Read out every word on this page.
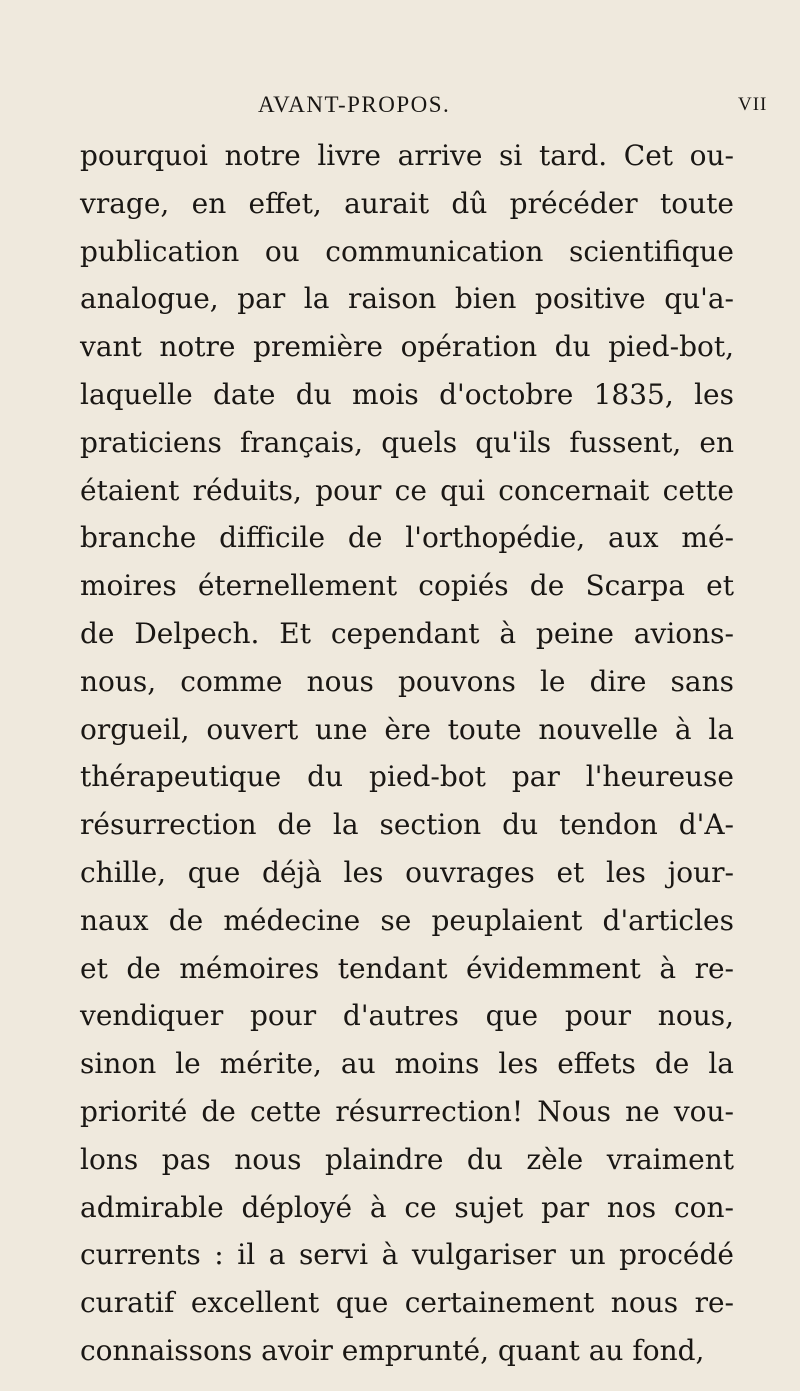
AVANT-PROPOS.	VII
pourquoi notre livre arrive si tard. Cet ou-
vrage, en effet, aurait dû précéder toute
publication ou communication scientifique
analogue, par la raison bien positive qu'a-
vant notre première opération du pied-bot,
laquelle date du mois d'octobre 1835, les
praticiens français, quels qu'ils fussent, en
étaient réduits, pour ce qui concernait cette
branche difficile de l'orthopédie, aux mé-
moires éternellement copiés de Scarpa et
de Delpech. Et cependant à peine avions-
nous, comme nous pouvons le dire sans
orgueil, ouvert une ère toute nouvelle à la
thérapeutique du pied-bot par l'heureuse
résurrection de la section du tendon d'A-
chille, que déjà les ouvrages et les jour-
naux de médecine se peuplaient d'articles
et de mémoires tendant évidemment à re-
vendiquer pour d'autres que pour nous,
sinon le mérite, au moins les effets de la
priorité de cette résurrection! Nous ne vou-
lons pas nous plaindre du zèle vraiment
admirable déployé à ce sujet par nos con-
currents : il a servi à vulgariser un procédé
curatif excellent que certainement nous re-
connaissons avoir emprunté, quant au fond,
